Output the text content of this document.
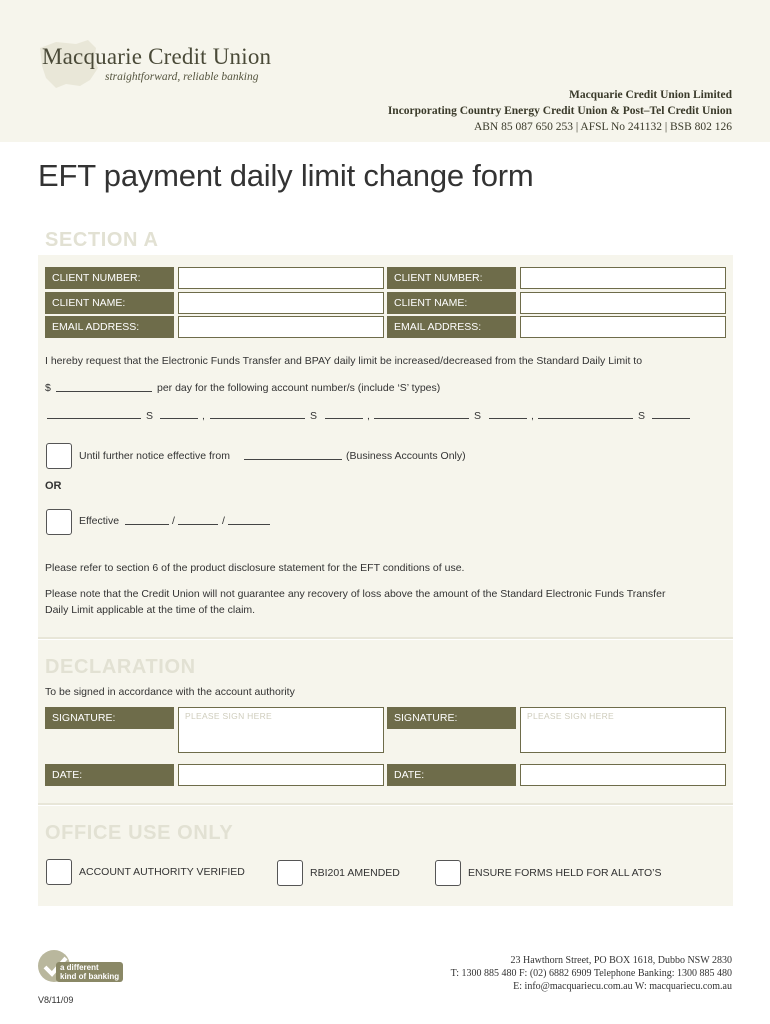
Macquarie Credit Union
straightforward, reliable banking
Macquarie Credit Union Limited
Incorporating Country Energy Credit Union & Post–Tel Credit Union
ABN 85 087 650 253 | AFSL No 241132 | BSB 802 126
EFT payment daily limit change form
SECTION A
CLIENT NUMBER:	CLIENT NUMBER:
CLIENT NAME:	CLIENT NAME:
EMAIL ADDRESS:	EMAIL ADDRESS:
I hereby request that the Electronic Funds Transfer and BPAY daily limit be increased/decreased from the Standard Daily Limit to
$	per day for the following account number/s (include ‘S’ types)
S	,	S	,	S	,	S
Until further notice effective from	(Business Accounts Only)
OR
Effective	/	/
Please refer to section 6 of the product disclosure statement for the EFT conditions of use.
Please note that the Credit Union will not guarantee any recovery of loss above the amount of the Standard Electronic Funds Transfer
Daily Limit applicable at the time of the claim.
DECLARATION
To be signed in accordance with the account authority
SIGNATURE:	PLEASE SIGN HERE	SIGNATURE:	PLEASE SIGN HERE
DATE:	DATE:
OFFICE USE ONLY
ACCOUNT AUTHORITY VERIFIED	RBI201 AMENDED	ENSURE FORMS HELD FOR ALL ATO’S
a different
kind of banking
V8/11/09
23 Hawthorn Street, PO BOX 1618, Dubbo NSW 2830
T: 1300 885 480 F: (02) 6882 6909 Telephone Banking: 1300 885 480
E: info@macquariecu.com.au W: macquariecu.com.au
